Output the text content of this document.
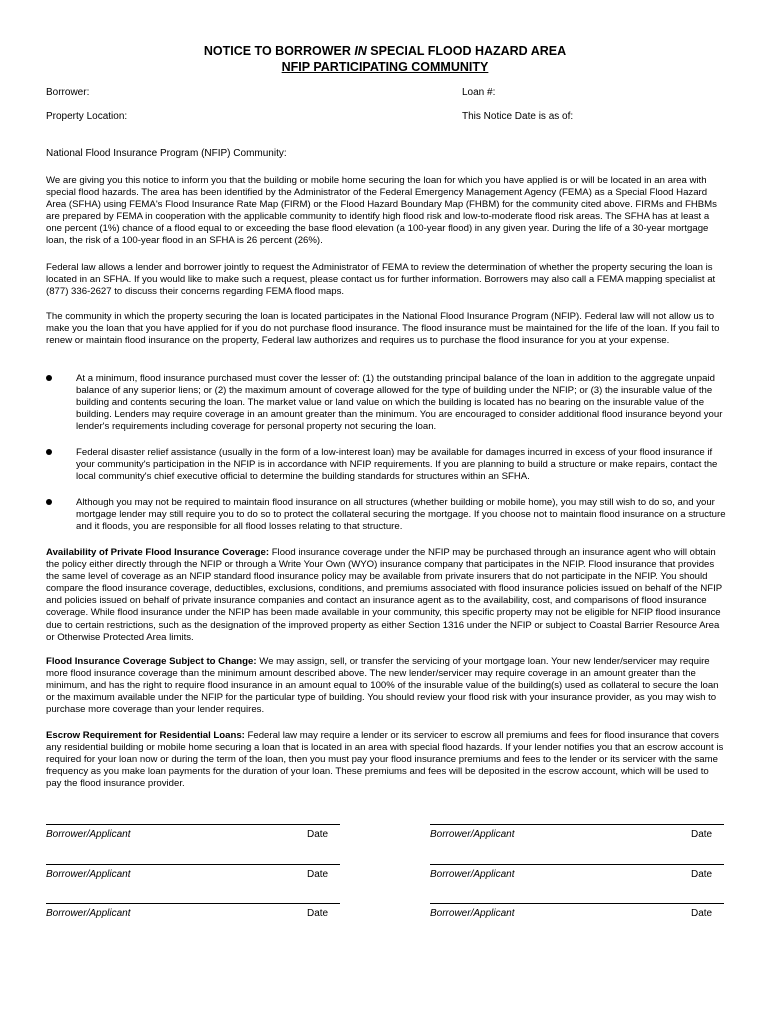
NOTICE TO BORROWER IN SPECIAL FLOOD HAZARD AREA
NFIP PARTICIPATING COMMUNITY
Borrower:	Loan #:
Property Location:	This Notice Date is as of:
National Flood Insurance Program (NFIP) Community:

We are giving you this notice to inform you that the building or mobile home securing the loan for which you have applied is or will be located in an area with special flood hazards. The area has been identified by the Administrator of the Federal Emergency Management Agency (FEMA) as a Special Flood Hazard Area (SFHA) using FEMA's Flood Insurance Rate Map (FIRM) or the Flood Hazard Boundary Map (FHBM) for the community cited above. FIRMs and FHBMs are prepared by FEMA in cooperation with the applicable community to identify high flood risk and low-to-moderate flood risk areas. The SFHA has at least a one percent (1%) chance of a flood equal to or exceeding the base flood elevation (a 100-year flood) in any given year. During the life of a 30-year mortgage loan, the risk of a 100-year flood in an SFHA is 26 percent (26%).

Federal law allows a lender and borrower jointly to request the Administrator of FEMA to review the determination of whether the property securing the loan is located in an SFHA. If you would like to make such a request, please contact us for further information. Borrowers may also call a FEMA mapping specialist at (877) 336-2627 to discuss their concerns regarding FEMA flood maps.

The community in which the property securing the loan is located participates in the National Flood Insurance Program (NFIP). Federal law will not allow us to make you the loan that you have applied for if you do not purchase flood insurance. The flood insurance must be maintained for the life of the loan. If you fail to renew or maintain flood insurance on the property, Federal law authorizes and requires us to purchase the flood insurance for you at your expense.

At a minimum, flood insurance purchased must cover the lesser of: (1) the outstanding principal balance of the loan in addition to the aggregate unpaid balance of any superior liens; or (2) the maximum amount of coverage allowed for the type of building under the NFIP; or (3) the insurable value of the building and contents securing the loan. The market value or land value on which the building is located has no bearing on the insurable value of the building. Lenders may require coverage in an amount greater than the minimum. You are encouraged to consider additional flood insurance beyond your lender's requirements including coverage for personal property not securing the loan.
Federal disaster relief assistance (usually in the form of a low-interest loan) may be available for damages incurred in excess of your flood insurance if your community's participation in the NFIP is in accordance with NFIP requirements. If you are planning to build a structure or make repairs, contact the local community's chief executive official to determine the building standards for structures within an SFHA.
Although you may not be required to maintain flood insurance on all structures (whether building or mobile home), you may still wish to do so, and your mortgage lender may still require you to do so to protect the collateral securing the mortgage. If you choose not to maintain flood insurance on a structure and it floods, you are responsible for all flood losses relating to that structure.

Availability of Private Flood Insurance Coverage: Flood insurance coverage under the NFIP may be purchased through an insurance agent who will obtain the policy either directly through the NFIP or through a Write Your Own (WYO) insurance company that participates in the NFIP. Flood insurance that provides the same level of coverage as an NFIP standard flood insurance policy may be available from private insurers that do not participate in the NFIP. You should compare the flood insurance coverage, deductibles, exclusions, conditions, and premiums associated with flood insurance policies issued on behalf of the NFIP and policies issued on behalf of private insurance companies and contact an insurance agent as to the availability, cost, and comparisons of flood insurance coverage. While flood insurance under the NFIP has been made available in your community, this specific property may not be eligible for NFIP flood insurance due to certain restrictions, such as the designation of the improved property as either Section 1316 under the NFIP or subject to Coastal Barrier Resource Area or Otherwise Protected Area limits.

Flood Insurance Coverage Subject to Change: We may assign, sell, or transfer the servicing of your mortgage loan. Your new lender/servicer may require more flood insurance coverage than the minimum amount described above. The new lender/servicer may require coverage in an amount greater than the minimum, and has the right to require flood insurance in an amount equal to 100% of the insurable value of the building(s) used as collateral to secure the loan or the maximum available under the NFIP for the particular type of building. You should review your flood risk with your insurance provider, as you may wish to purchase more coverage than your lender requires.

Escrow Requirement for Residential Loans: Federal law may require a lender or its servicer to escrow all premiums and fees for flood insurance that covers any residential building or mobile home securing a loan that is located in an area with special flood hazards. If your lender notifies you that an escrow account is required for your loan now or during the term of the loan, then you must pay your flood insurance premiums and fees to the lender or its servicer with the same frequency as you make loan payments for the duration of your loan. These premiums and fees will be deposited in the escrow account, which will be used to pay the flood insurance provider.

Borrower/Applicant	Date	Borrower/Applicant	Date
Borrower/Applicant	Date	Borrower/Applicant	Date
Borrower/Applicant	Date	Borrower/Applicant	Date
